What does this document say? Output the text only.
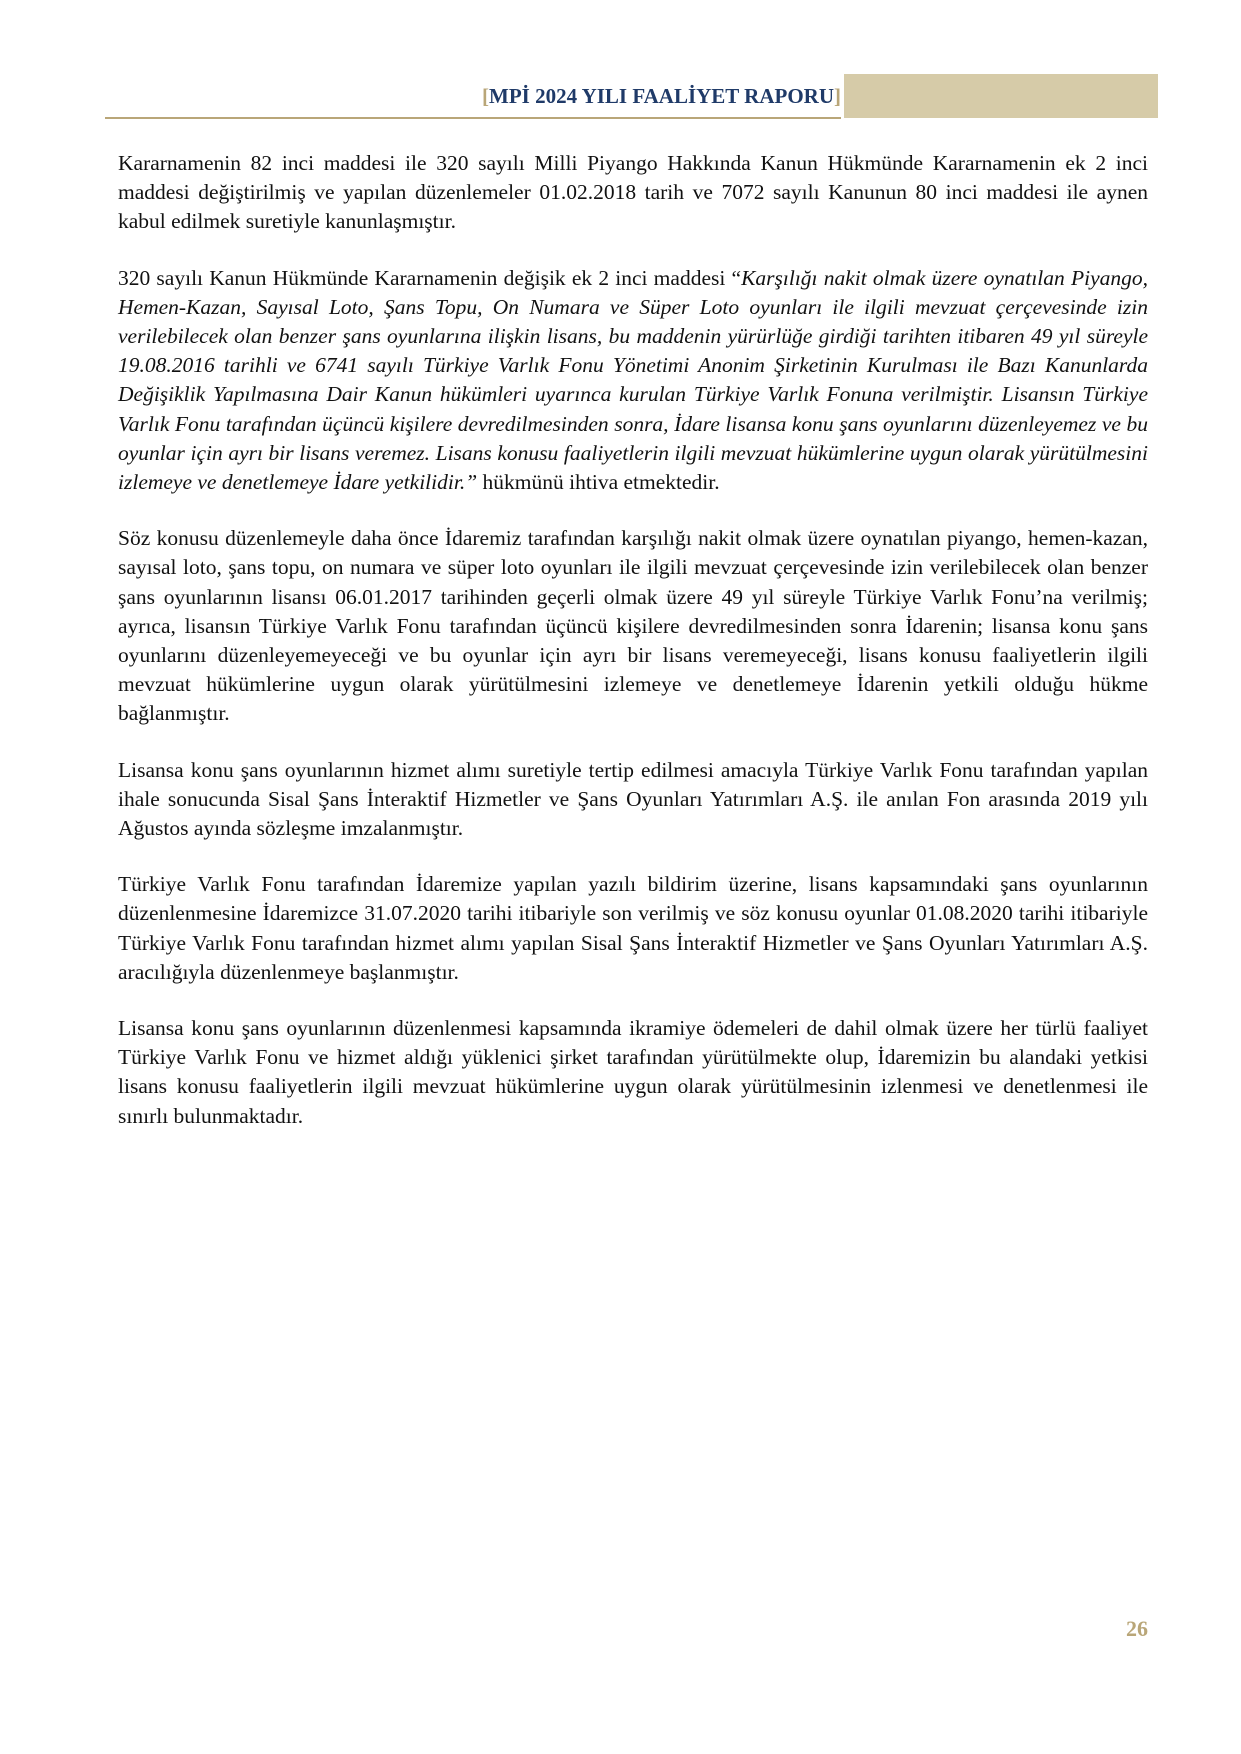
[MPİ 2024 YILI FAALİYET RAPORU]

Kararnamenin 82 inci maddesi ile 320 sayılı Milli Piyango Hakkında Kanun Hükmünde Kararnamenin ek 2 inci maddesi değiştirilmiş ve yapılan düzenlemeler 01.02.2018 tarih ve 7072 sayılı Kanunun 80 inci maddesi ile aynen kabul edilmek suretiyle kanunlaşmıştır.

320 sayılı Kanun Hükmünde Kararnamenin değişik ek 2 inci maddesi “Karşılığı nakit olmak üzere oynatılan Piyango, Hemen-Kazan, Sayısal Loto, Şans Topu, On Numara ve Süper Loto oyunları ile ilgili mevzuat çerçevesinde izin verilebilecek olan benzer şans oyunlarına ilişkin lisans, bu maddenin yürürlüğe girdiği tarihten itibaren 49 yıl süreyle 19.08.2016 tarihli ve 6741 sayılı Türkiye Varlık Fonu Yönetimi Anonim Şirketinin Kurulması ile Bazı Kanunlarda Değişiklik Yapılmasına Dair Kanun hükümleri uyarınca kurulan Türkiye Varlık Fonuna verilmiştir. Lisansın Türkiye Varlık Fonu tarafından üçüncü kişilere devredilmesinden sonra, İdare lisansa konu şans oyunlarını düzenleyemez ve bu oyunlar için ayrı bir lisans veremez. Lisans konusu faaliyetlerin ilgili mevzuat hükümlerine uygun olarak yürütülmesini izlemeye ve denetlemeye İdare yetkilidir.” hükmünü ihtiva etmektedir.

Söz konusu düzenlemeyle daha önce İdaremiz tarafından karşılığı nakit olmak üzere oynatılan piyango, hemen-kazan, sayısal loto, şans topu, on numara ve süper loto oyunları ile ilgili mevzuat çerçevesinde izin verilebilecek olan benzer şans oyunlarının lisansı 06.01.2017 tarihinden geçerli olmak üzere 49 yıl süreyle Türkiye Varlık Fonu’na verilmiş; ayrıca, lisansın Türkiye Varlık Fonu tarafından üçüncü kişilere devredilmesinden sonra İdarenin; lisansa konu şans oyunlarını düzenleyemeyeceği ve bu oyunlar için ayrı bir lisans veremeyeceği, lisans konusu faaliyetlerin ilgili mevzuat hükümlerine uygun olarak yürütülmesini izlemeye ve denetlemeye İdarenin yetkili olduğu hükme bağlanmıştır.

Lisansa konu şans oyunlarının hizmet alımı suretiyle tertip edilmesi amacıyla Türkiye Varlık Fonu tarafından yapılan ihale sonucunda Sisal Şans İnteraktif Hizmetler ve Şans Oyunları Yatırımları A.Ş. ile anılan Fon arasında 2019 yılı Ağustos ayında sözleşme imzalanmıştır.

Türkiye Varlık Fonu tarafından İdaremize yapılan yazılı bildirim üzerine, lisans kapsamındaki şans oyunlarının düzenlenmesine İdaremizce 31.07.2020 tarihi itibariyle son verilmiş ve söz konusu oyunlar 01.08.2020 tarihi itibariyle Türkiye Varlık Fonu tarafından hizmet alımı yapılan Sisal Şans İnteraktif Hizmetler ve Şans Oyunları Yatırımları A.Ş. aracılığıyla düzenlenmeye başlanmıştır.

Lisansa konu şans oyunlarının düzenlenmesi kapsamında ikramiye ödemeleri de dahil olmak üzere her türlü faaliyet Türkiye Varlık Fonu ve hizmet aldığı yüklenici şirket tarafından yürütülmekte olup, İdaremizin bu alandaki yetkisi lisans konusu faaliyetlerin ilgili mevzuat hükümlerine uygun olarak yürütülmesinin izlenmesi ve denetlenmesi ile sınırlı bulunmaktadır.

26
